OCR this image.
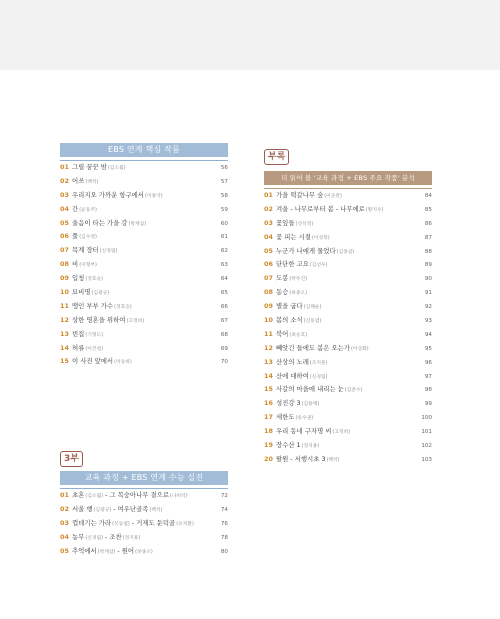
EBS 연계 핵심 작품
01 그릴 꿈꾼 밤(김소월)	56
02 어쓰(백석)	57
03 우리지오 가까운 항구에서(이용악)	58
04 간(윤동주)	59
05 울음이 타는 가을 강(박재삼)	60
06 풀(김수영)	61
07 목계 장터(신경림)	62
08 비(이형부)	63
09 입청(정호승)	64
10 묘비명(김광규)	65
11 맹인 부부 가수(정호승)	66
12 상한 영혼을 위하여(고정희)	67
13 빈집(기형도)	68
14 허류(이건청)	69
15 이 사진 앞에서(이승하)	70
3부
교육 과정 + EBS 연계 수능 실전
01 초혼(김소월) - 그 복숭아나무 곁으로(나희덕)	72
02 서울 행(김광규) - 여우난골족(백석)	74
03 껍데기는 가라(신동엽) - 거제도 둔덕골(유치환)	76
04 농무(신경림) - 조찬(정지용)	78
05 추억에서(박재삼) - 원어(하종오)	80
부록
더 읽어 볼 '교육 과정 + EBS 주요 작품' 분석
01 가을 떡갈나무 숲(이준관)	84
02 겨울 - 나무로부터 봄 - 나무에로(황지우)	85
03 꽃잎들(신석정)	86
04 꽃 피는 시절(이성복)	87
05 누군가 나에게 물었다(김종삼)	88
06 단단한 고요(김선우)	89
07 도봉(박두진)	90
08 동승(하종오)	91
09 별을 굽다(김혜순)	92
10 봄의 소식(신동엽)	93
11 북어(최승호)	94
12 빼앗긴 들에도 봄은 오는가(이상화)	95
13 산상의 노래(조지훈)	96
14 산에 대하여(신경림)	97
15 사갈의 마을에 내리는 눈(김춘수)	98
16 성진강 3(김용택)	99
17 세한도(송수권)	100
18 우리 동네 구자명 씨(고정희)	101
19 장수산 1(정지용)	102
20 팔원 - 서행시초 3(백석)	103
